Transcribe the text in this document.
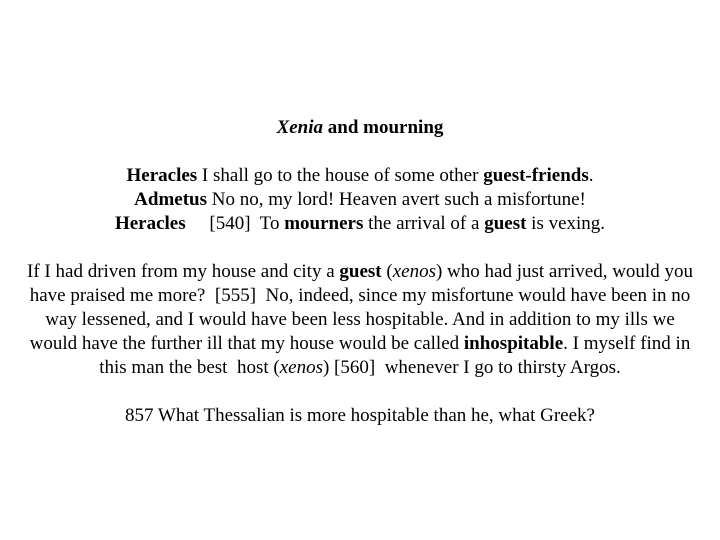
Xenia and mourning
Heracles I shall go to the house of some other guest-friends.
Admetus No no, my lord! Heaven avert such a misfortune!
Heracles     [540]  To mourners the arrival of a guest is vexing.
If I had driven from my house and city a guest (xenos) who had just arrived, would you
have praised me more?  [555]  No, indeed, since my misfortune would have been in no
way lessened, and I would have been less hospitable. And in addition to my ills we
would have the further ill that my house would be called inhospitable. I myself find in
this man the best  host (xenos) [560]  whenever I go to thirsty Argos.
857 What Thessalian is more hospitable than he, what Greek?
